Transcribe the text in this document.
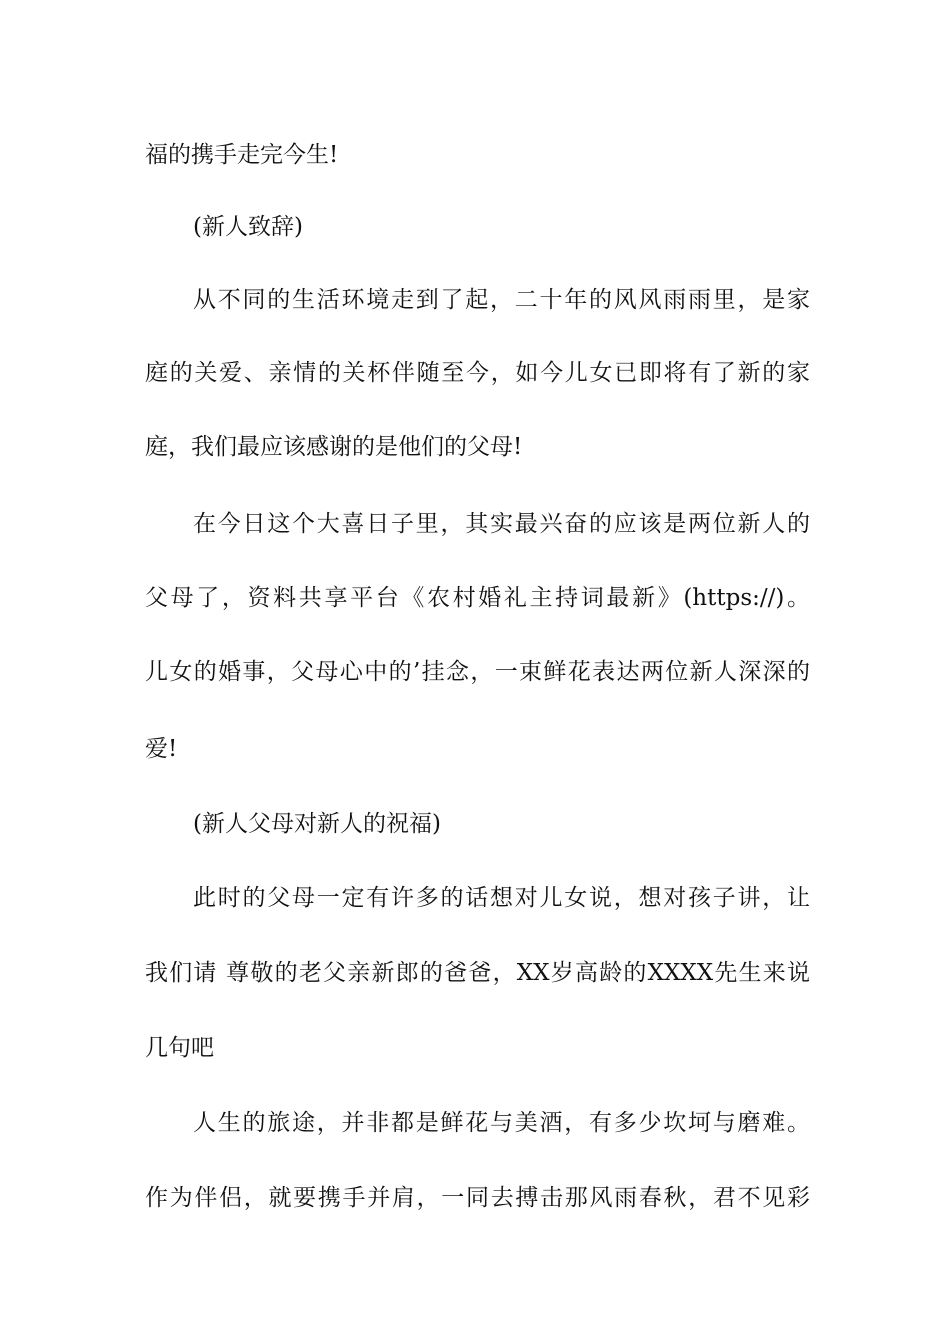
福的携手走完今生!
(新人致辞)
从不同的生活环境走到了起，二十年的风风雨雨里，是家
庭的关爱、亲情的关杯伴随至今，如今儿女已即将有了新的家
庭，我们最应该感谢的是他们的父母!
在今日这个大喜日子里，其实最兴奋的应该是两位新人的
父母了，资料共享平台《农村婚礼主持词最新》(https://)。
儿女的婚事，父母心中的’挂念，一束鲜花表达两位新人深深的
爱!
(新人父母对新人的祝福)
此时的父母一定有许多的话想对儿女说，想对孩子讲，让
我们请 尊敬的老父亲新郎的爸爸，XX岁高龄的XXXX先生来说
几句吧
人生的旅途，并非都是鲜花与美酒，有多少坎坷与磨难。
作为伴侣，就要携手并肩，一同去搏击那风雨春秋，君不见彩
